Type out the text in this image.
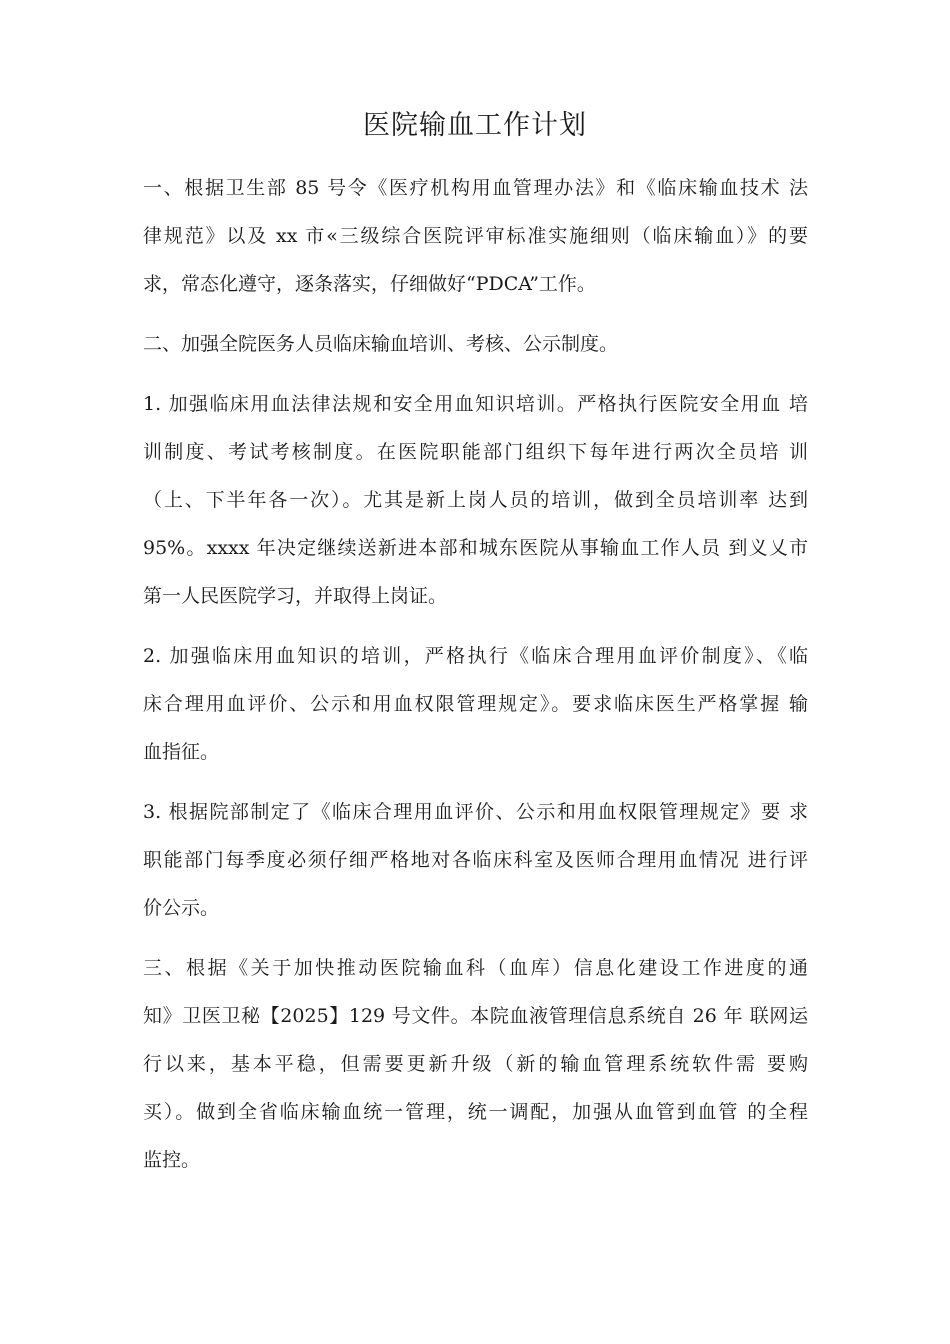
医院输血工作计划
一、根据卫生部 85 号令《医疗机构用血管理办法》和《临床输血技术 法
律规范》以及 xx 市«三级综合医院评审标准实施细则（临床输血）》的要
求，常态化遵守，逐条落实，仔细做好“PDCA”工作。
二、加强全院医务人员临床输血培训、考核、公示制度。
1. 加强临床用血法律法规和安全用血知识培训。严格执行医院安全用血 培
训制度、考试考核制度。在医院职能部门组织下每年进行两次全员培 训
（上、下半年各一次）。尤其是新上岗人员的培训，做到全员培训率 达到
95%。xxxx 年决定继续送新进本部和城东医院从事输血工作人员 到义乂市
第一人民医院学习，并取得上岗证。
2. 加强临床用血知识的培训，严格执行《临床合理用血评价制度》、《临
床合理用血评价、公示和用血权限管理规定》。要求临床医生严格掌握 输
血指征。
3. 根据院部制定了《临床合理用血评价、公示和用血权限管理规定》要 求
职能部门每季度必须仔细严格地对各临床科室及医师合理用血情况 进行评
价公示。
三、根据《关于加快推动医院输血科（血库）信息化建设工作进度的通
知》卫医卫秘【2025】129 号文件。本院血液管理信息系统自 26 年 联网运
行以来，基本平稳，但需要更新升级（新的输血管理系统软件需 要购
买）。做到全省临床输血统一管理，统一调配，加强从血管到血管 的全程
监控。
